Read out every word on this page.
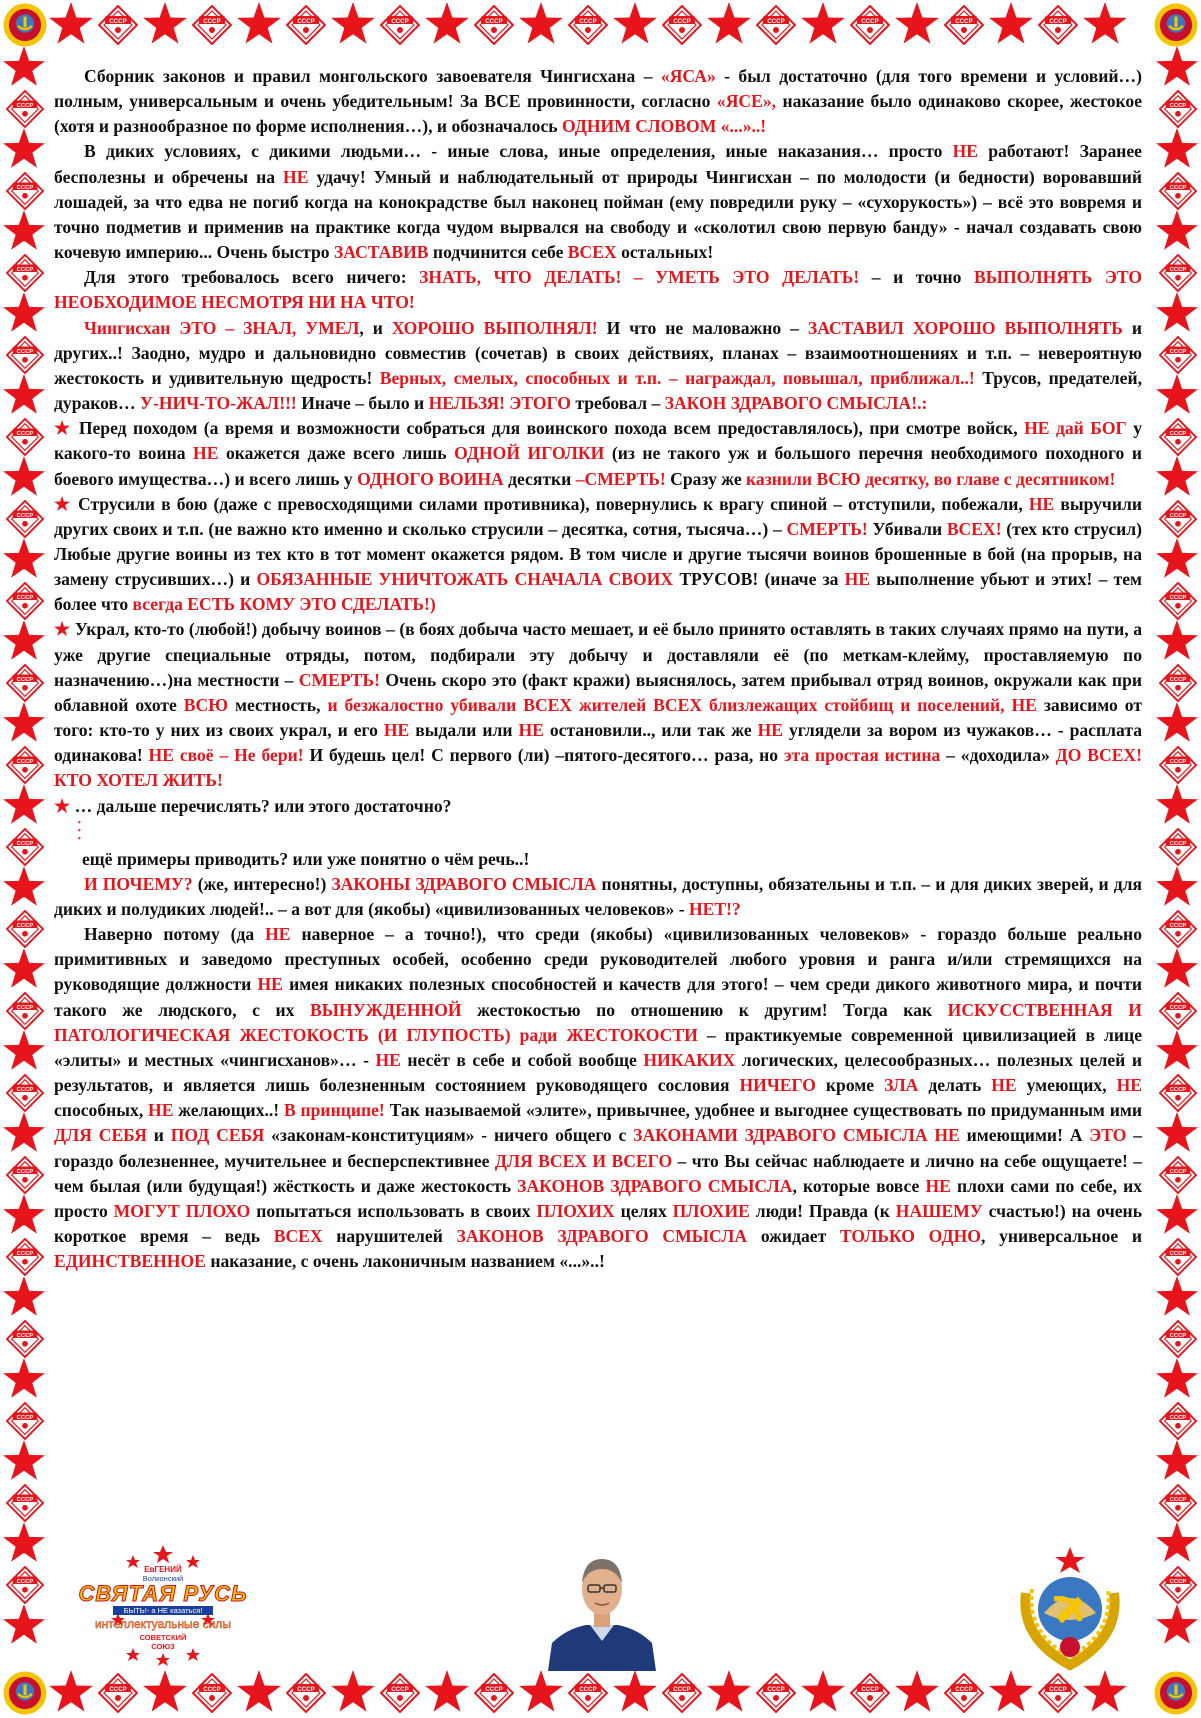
Сборник законов и правил монгольского завоевателя Чингисхана – «ЯСА» - был достаточно (для того времени и условий…) полным, универсальным и очень убедительным! За ВСЕ провинности, согласно «ЯСЕ», наказание было одинаково скорее, жестокое (хотя и разнообразное по форме исполнения…), и обозначалось ОДНИМ СЛОВОМ «...»..!

В диких условиях, с дикими людьми… - иные слова, иные определения, иные наказания… просто НЕ работают! Заранее бесполезны и обречены на НЕ удачу! Умный и наблюдательный от природы Чингисхан – по молодости (и бедности) воровавший лошадей, за что едва не погиб когда на конокрадстве был наконец пойман (ему повредили руку – «сухорукость») – всё это вовремя и точно подметив и применив на практике когда чудом вырвался на свободу и «сколотил свою первую банду» - начал создавать свою кочевую империю... Очень быстро ЗАСТАВИВ подчинится себе ВСЕХ остальных!

Для этого требовалось всего ничего: ЗНАТЬ, ЧТО ДЕЛАТЬ! – УМЕТЬ ЭТО ДЕЛАТЬ! – и точно ВЫПОЛНЯТЬ ЭТО НЕОБХОДИМОЕ НЕСМОТРЯ НИ НА ЧТО!

Чингисхан ЭТО – ЗНАЛ, УМЕЛ, и ХОРОШО ВЫПОЛНЯЛ! И что не маловажно – ЗАСТАВИЛ ХОРОШО ВЫПОЛНЯТЬ и других..! Заодно, мудро и дальновидно совместив (сочетав) в своих действиях, планах – взаимоотношениях и т.п. – невероятную жестокость и удивительную щедрость! Верных, смелых, способных и т.п. – награждал, повышал, приближал..! Трусов, предателей, дураков… У-НИЧ-ТО-ЖАЛ!!! Иначе – было и НЕЛЬЗЯ! ЭТОГО требовал – ЗАКОН ЗДРАВОГО СМЫСЛА!.:

★ Перед походом (а время и возможности собраться для воинского похода всем предоставлялось), при смотре войск, НЕ дай БОГ у какого-то воина НЕ окажется даже всего лишь ОДНОЙ ИГОЛКИ (из не такого уж и большого перечня необходимого походного и боевого имущества…) и всего лишь у ОДНОГО ВОИНА десятки –СМЕРТЬ! Сразу же казнили ВСЮ десятку, во главе с десятником!

★ Струсили в бою (даже с превосходящими силами противника), повернулись к врагу спиной – отступили, побежали, НЕ выручили других своих и т.п. (не важно кто именно и сколько струсили – десятка, сотня, тысяча…) – СМЕРТЬ! Убивали ВСЕХ! (тех кто струсил) Любые другие воины из тех кто в тот момент окажется рядом. В том числе и другие тысячи воинов брошенные в бой (на прорыв, на замену струсивших…) и ОБЯЗАННЫЕ УНИЧТОЖАТЬ СНАЧАЛА СВОИХ ТРУСОВ! (иначе за НЕ выполнение убьют и этих! – тем более что всегда ЕСТЬ КОМУ ЭТО СДЕЛАТЬ!)

★ Украл, кто-то (любой!) добычу воинов – (в боях добыча часто мешает, и её было принято оставлять в таких случаях прямо на пути, а уже другие специальные отряды, потом, подбирали эту добычу и доставляли её (по меткам-клейму, проставляемую по назначению…)на местности – СМЕРТЬ! Очень скоро это (факт кражи) выяснялось, затем прибывал отряд воинов, окружали как при облавной охоте ВСЮ местность, и безжалостно убивали ВСЕХ жителей ВСЕХ близлежащих стойбищ и поселений, НЕ зависимо от того: кто-то у них из своих украл, и его НЕ выдали или НЕ остановили.., или так же НЕ углядели за вором из чужаков… - расплата одинакова! НЕ своё – Не бери! И будешь цел! С первого (ли) –пятого-десятого… раза, но эта простая истина – «доходила» ДО ВСЕХ! КТО ХОТЕЛ ЖИТЬ!

★ … дальше перечислять? или этого достаточно?

•
•
•

ещё примеры приводить? или уже понятно о чём речь..!

И ПОЧЕМУ? (же, интересно!) ЗАКОНЫ ЗДРАВОГО СМЫСЛА понятны, доступны, обязательны и т.п. – и для диких зверей, и для диких и полудиких людей!.. – а вот для (якобы) «цивилизованных человеков» - НЕТ!?

Наверно потому (да НЕ наверное – а точно!), что среди (якобы) «цивилизованных человеков» - гораздо больше реально примитивных и заведомо преступных особей, особенно среди руководителей любого уровня и ранга и/или стремящихся на руководящие должности НЕ имея никаких полезных способностей и качеств для этого! – чем среди дикого животного мира, и почти такого же людского, с их ВЫНУЖДЕННОЙ жестокостью по отношению к другим! Тогда как ИСКУССТВЕННАЯ И ПАТОЛОГИЧЕСКАЯ ЖЕСТОКОСТЬ (И ГЛУПОСТЬ) ради ЖЕСТОКОСТИ – практикуемые современной цивилизацией в лице «элиты» и местных «чингисханов»… - НЕ несёт в себе и собой вообще НИКАКИХ логических, целесообразных… полезных целей и результатов, и является лишь болезненным состоянием руководящего сословия НИЧЕГО кроме ЗЛА делать НЕ умеющих, НЕ способных, НЕ желающих..! В принципе! Так называемой «элите», привычнее, удобнее и выгоднее существовать по придуманным ими ДЛЯ СЕБЯ и ПОД СЕБЯ «законам-конституциям» - ничего общего с ЗАКОНАМИ ЗДРАВОГО СМЫСЛА НЕ имеющими! А ЭТО – гораздо болезненнее, мучительнее и бесперспективнее ДЛЯ ВСЕХ И ВСЕГО – что Вы сейчас наблюдаете и лично на себе ощущаете! – чем былая (или будущая!) жёсткость и даже жестокость ЗАКОНОВ ЗДРАВОГО СМЫСЛА, которые вовсе НЕ плохи сами по себе, их просто МОГУТ ПЛОХО попытаться использовать в своих ПЛОХИХ целях ПЛОХИЕ люди! Правда (к НАШЕМУ счастью!) на очень короткое время – ведь ВСЕХ нарушителей ЗАКОНОВ ЗДРАВОГО СМЫСЛА ожидает ТОЛЬКО ОДНО, универсальное и ЕДИНСТВЕННОЕ наказание, с очень лаконичным названием «...»..!

ЕвГЕНИЙ
Волконский
СВЯТАЯ РУСЬ
БЫТЬ!- а НЕ казаться!
интеллектуальные силы
СОВЕТСКИЙ
СОЮЗ
